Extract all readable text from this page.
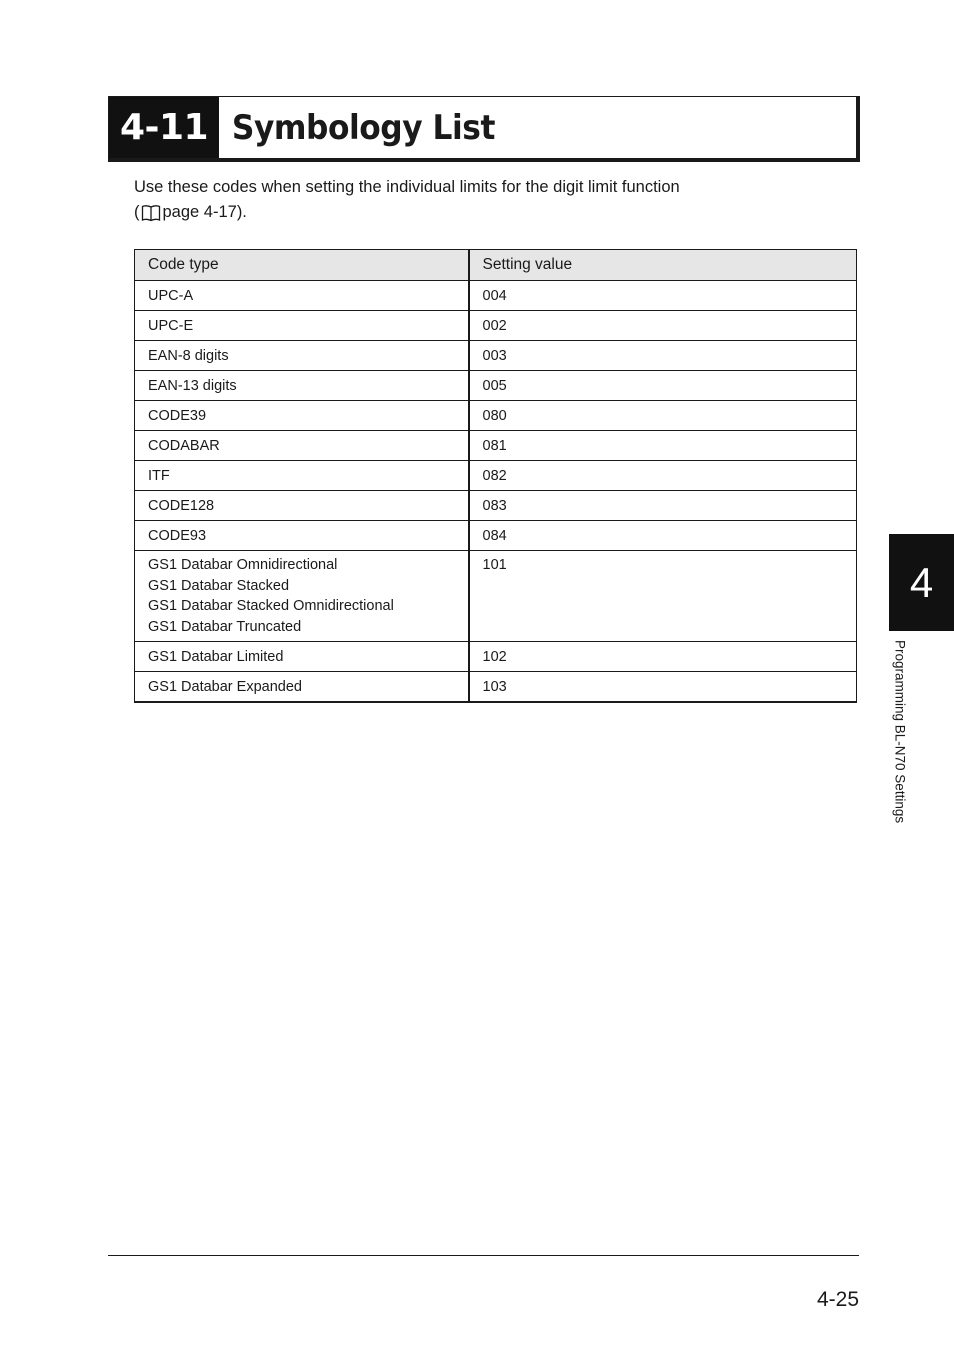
4-11 Symbology List
Use these codes when setting the individual limits for the digit limit function
( page 4-17).
Code type	Setting value
UPC-A	004
UPC-E	002
EAN-8 digits	003
EAN-13 digits	005
CODE39	080
CODABAR	081
ITF	082
CODE128	083
CODE93	084

GS1 Databar Omnidirectional
GS1 Databar Stacked
GS1 Databar Stacked Omnidirectional
GS1 Databar Truncated	101
GS1 Databar Limited	102
GS1 Databar Expanded	103
4
Programming BL-N70 Settings
4-25
